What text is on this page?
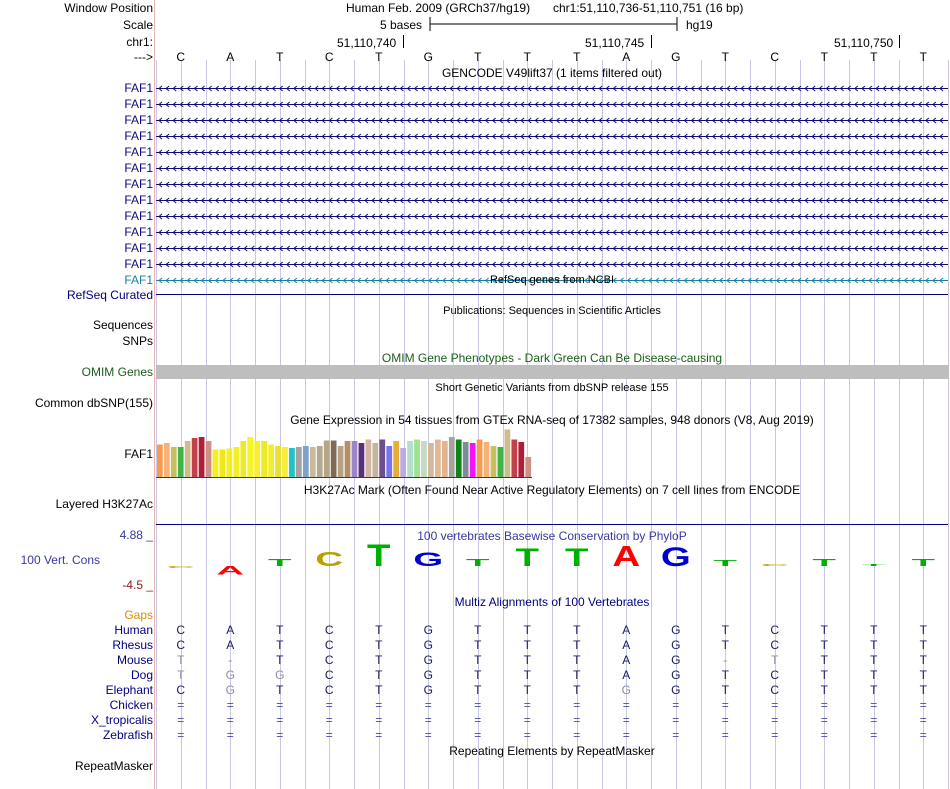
C A
T C T G T T T A G T C T T T
Window Position
Scale
chr1:
--->
Human Feb. 2009 (GRCh37/hg19) chr1:51,110,736-51,110,751 (16 bp)
5 bases	hg19
51,110,740	51,110,745	51,110,750
C	A	T	C	T	G	T	T	T	A	G	T	C	T	T	T
GENCODE V49lift37 (1 items filtered out)
FAF1
FAF1
FAF1
FAF1
FAF1
FAF1
FAF1
FAF1
FAF1
FAF1
FAF1
FAF1
FAF1	RefSeq genes from NCBI
RefSeq Curated
Publications: Sequences in Scientific Articles
Sequences
SNPs
OMIM Gene Phenotypes - Dark Green Can Be Disease-causing
OMIM Genes
Short Genetic Variants from dbSNP release 155
Common dbSNP(155)
Gene Expression in 54 tissues from GTEx RNA-seq of 17382 samples, 948 donors (V8, Aug 2019)
FAF1
H3K27Ac Mark (Often Found Near Active Regulatory Elements) on 7 cell lines from ENCODE
Layered H3K27Ac
100 vertebrates Basewise Conservation by PhyloP
4.88 _
100 Vert. Cons
-4.5 _
Multiz Alignments of 100 Vertebrates
Gaps
Human C	A	T	C	T	G	T	T	T	A	G	T	C	T	T	T
Rhesus C	A	T	C	T	G	T	T	T	A	G	T	C	T	T	T
Mouse T	-	T	C	T	G	T	T	T	A	G	-	T	T	T	T
Dog T	G	G	C	T	G	T	T	T	A	G	T	C	T	T	T
Elephant C	G	T	C	T	G	T	T	T	G	G	T	C	T	T	T
Chicken =	=	=	=	=	=	=	=	=	=	=	=	=	=	=	=
X_tropicalis =	=	=	=	=	=	=	=	=	=	=	=	=	=	=	=
Zebrafish =	=	=	=	=	=	=	=	=	=	=	=	=	=	=	=
Repeating Elements by RepeatMasker
RepeatMasker
